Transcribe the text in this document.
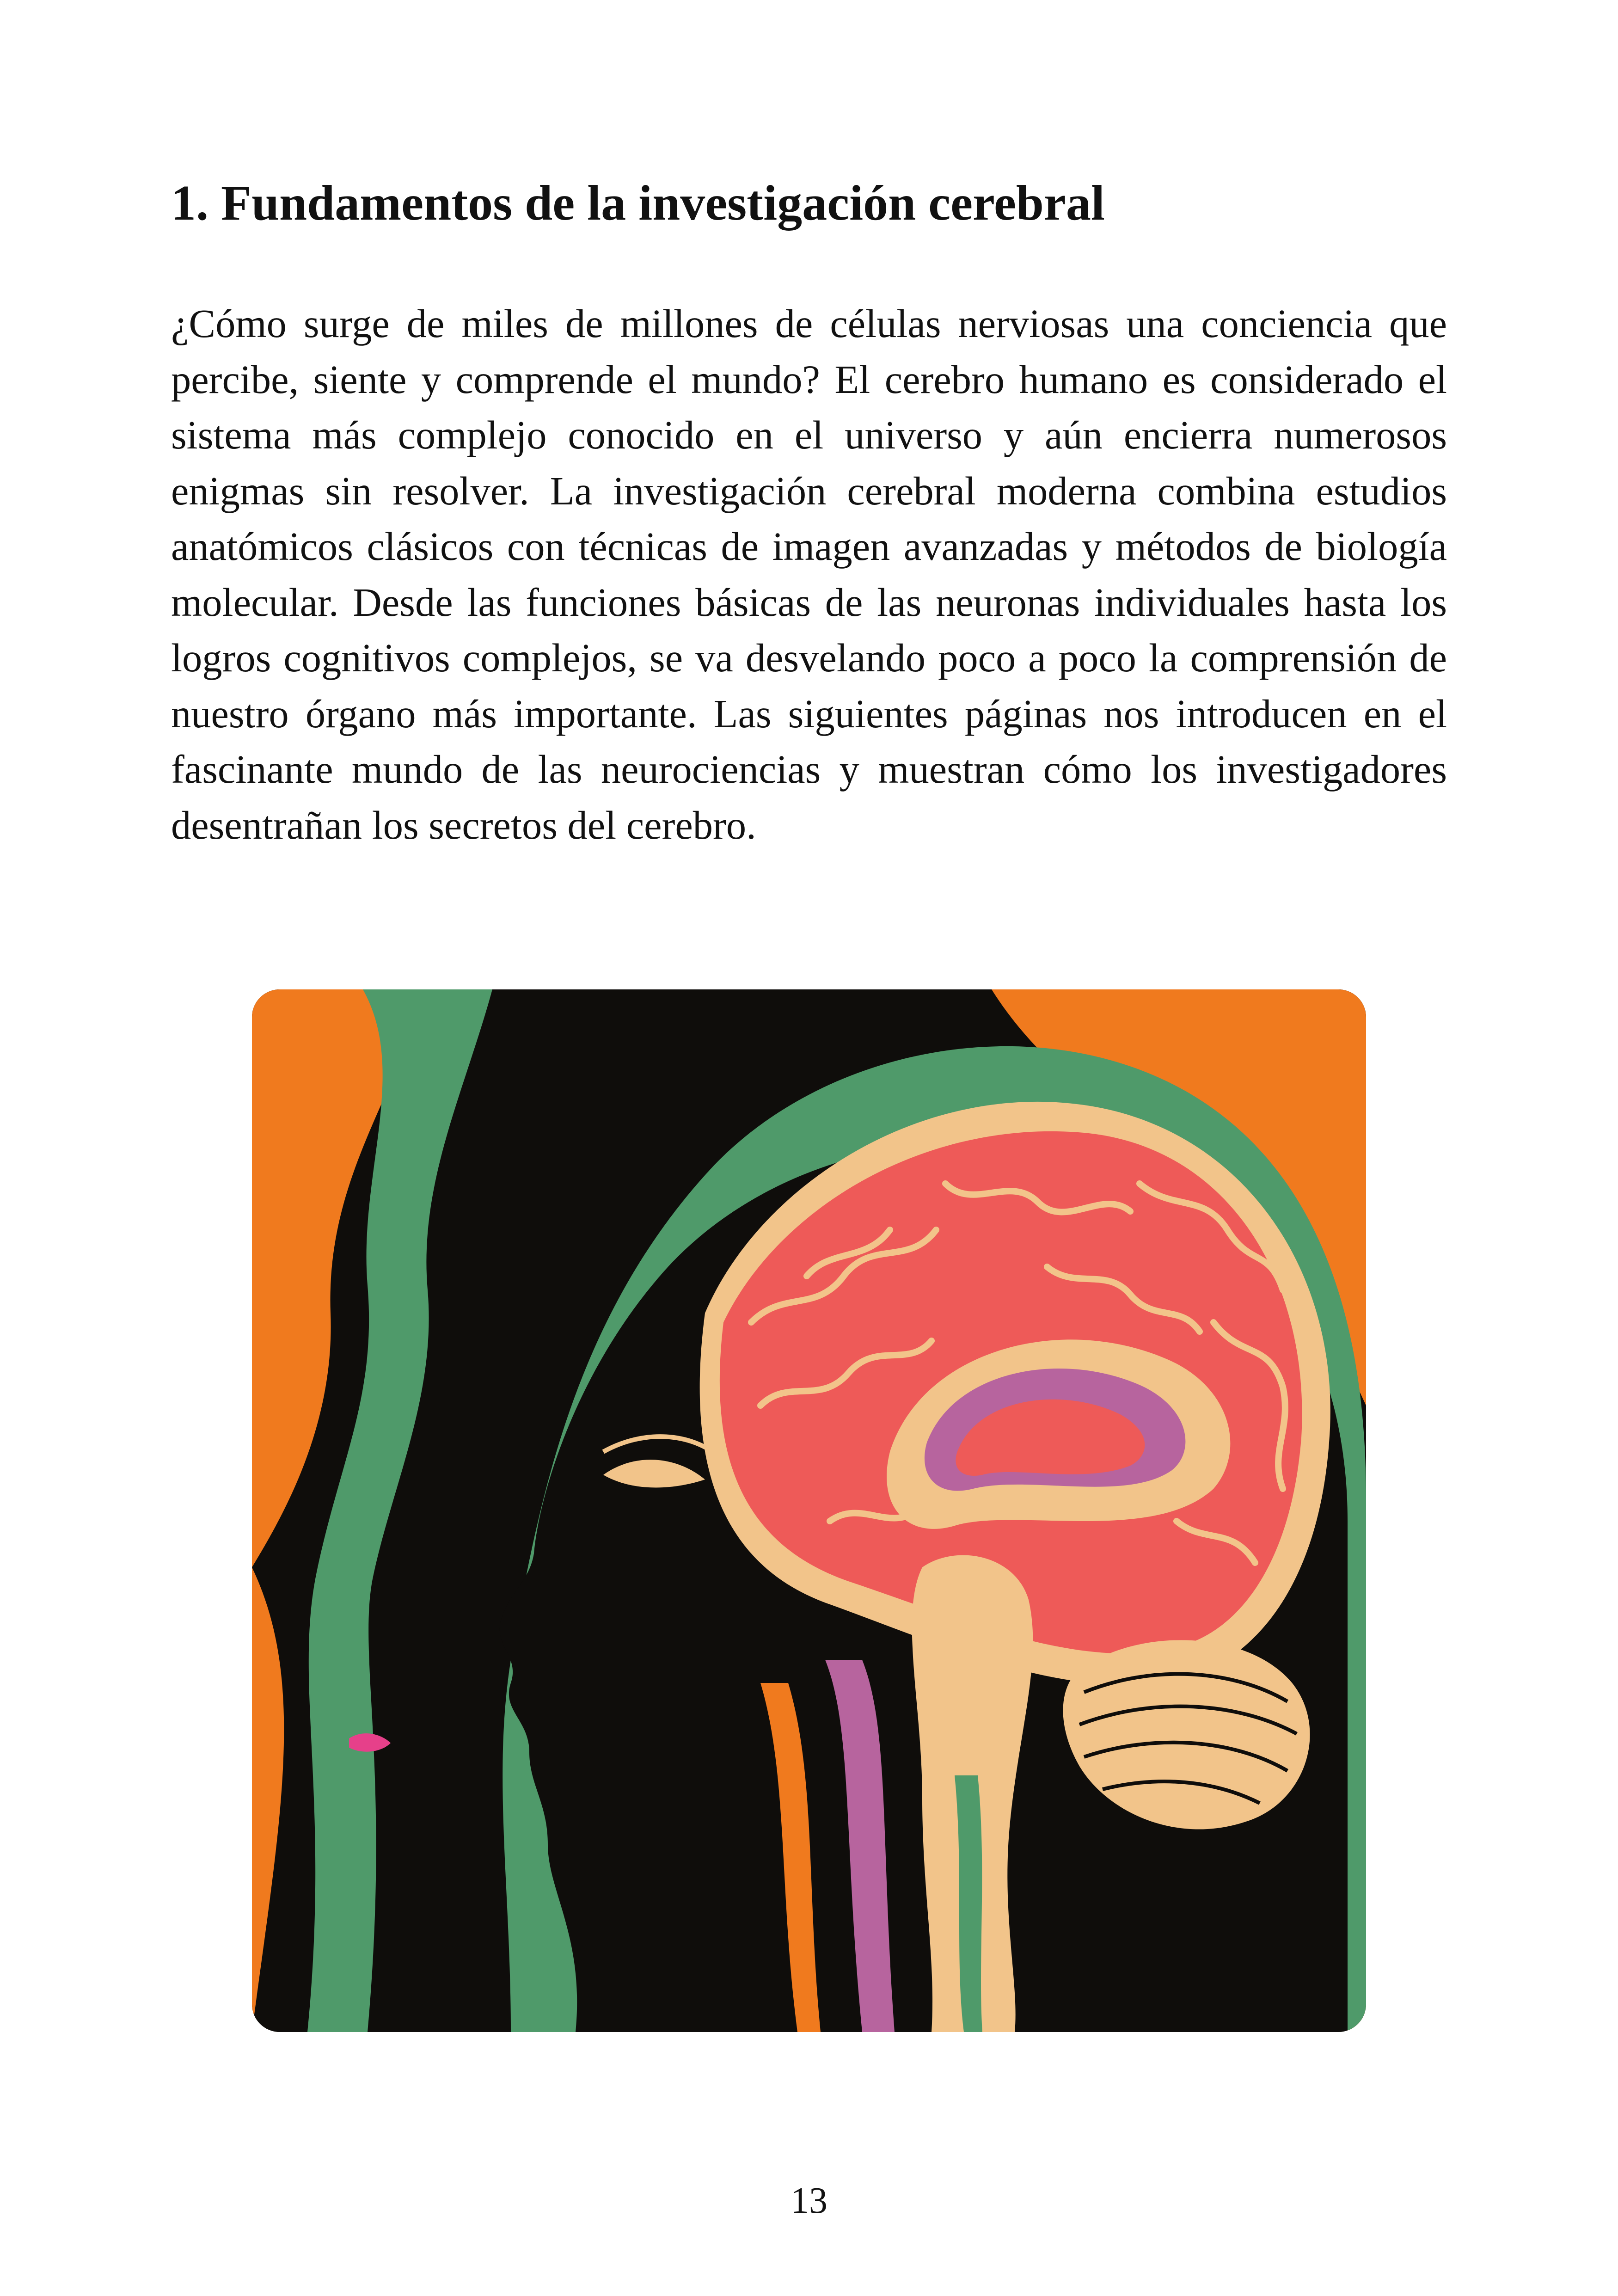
1. Fundamentos de la investigación cerebral

¿Cómo surge de miles de millones de células nerviosas una conciencia que percibe, siente y comprende el mundo? El cerebro humano es considerado el sistema más complejo conocido en el universo y aún encierra numerosos enigmas sin resolver. La investigación cerebral moderna combina estudios anatómicos clásicos con técnicas de imagen avanzadas y métodos de biología molecular. Desde las funciones básicas de las neuronas individuales hasta los logros cognitivos complejos, se va desvelando poco a poco la comprensión de nuestro órgano más importante. Las siguientes páginas nos introducen en el fascinante mundo de las neurociencias y muestran cómo los investigadores desentrañan los secretos del cerebro.

13
